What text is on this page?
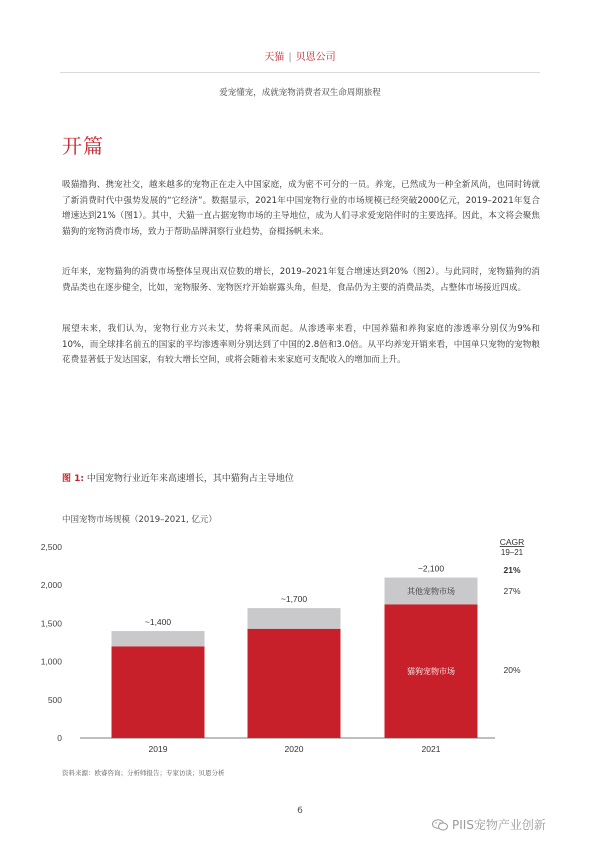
天猫 | 贝恩公司
爱宠懂宠，成就宠物消费者双生命周期旅程
开篇

吸猫撸狗、携宠社交，越来越多的宠物正在走入中国家庭，成为密不可分的一员。养宠，已然成为一种全新风尚，也同时铸就了新消费时代中强势发展的“它经济”。数据显示，2021年中国宠物行业的市场规模已经突破2000亿元，2019–2021年复合增速达到21%（图1）。其中，犬猫一直占据宠物市场的主导地位，成为人们寻求爱宠陪伴时的主要选择。因此，本文将会聚焦猫狗的宠物消费市场，致力于帮助品牌洞察行业趋势，奋楫扬帆未来。

近年来，宠物猫狗的消费市场整体呈现出双位数的增长，2019–2021年复合增速达到20%（图2）。与此同时，宠物猫狗的消费品类也在逐步健全，比如，宠物服务、宠物医疗开始崭露头角，但是，食品仍为主要的消费品类，占整体市场接近四成。

展望未来，我们认为，宠物行业方兴未艾，势将乘风而起。从渗透率来看，中国养猫和养狗家庭的渗透率分别仅为9%和10%，而全球排名前五的国家的平均渗透率则分别达到了中国的2.8倍和3.0倍。从平均养宠开销来看，中国单只宠物的宠物粮花费显著低于发达国家，有较大增长空间，或将会随着未来家庭可支配收入的增加而上升。

图 1: 中国宠物行业近年来高速增长，其中猫狗占主导地位
中国宠物市场规模（2019–2021, 亿元）
0
500
1,000
1,500
2,000
2,500
~1,400
~1,700
~2,100
其他宠物市场
猫狗宠物市场
2019	2020	2021
CAGR
19–21
21%
27%
20%
资料来源：欧睿咨询；分析师报告；专家访谈；贝恩分析
6
PIIS宠物产业创新
